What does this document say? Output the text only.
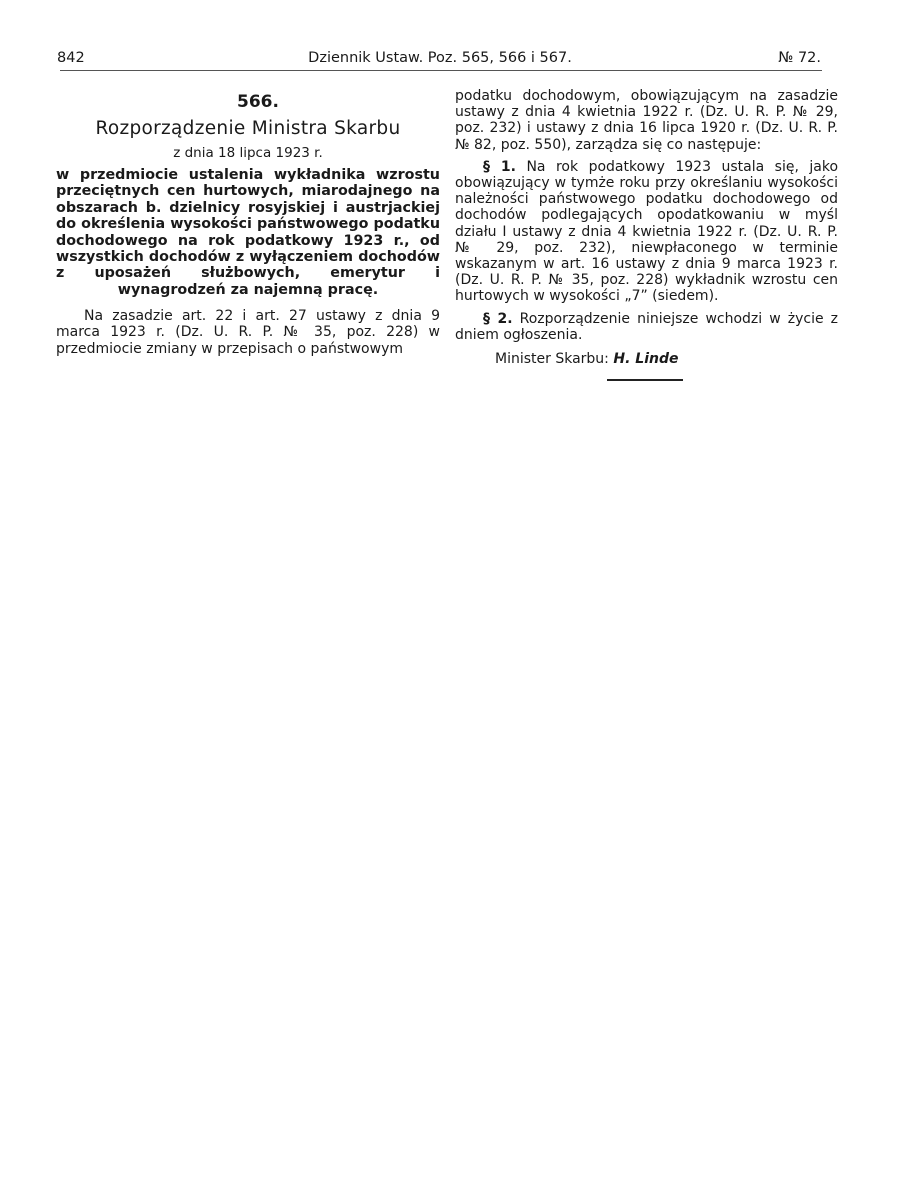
842	Dziennik Ustaw. Poz. 565, 566 i 567.	№ 72.
566.
Rozporządzenie Ministra Skarbu
z dnia 18 lipca 1923 r.
w przedmiocie ustalenia wykładnika wzrostu przeciętnych cen hurtowych, miarodajnego na obszarach b. dzielnicy rosyjskiej i austrjackiej do określenia wysokości państwowego podatku dochodowego na rok podatkowy 1923 r., od wszystkich dochodów z wyłączeniem dochodów z uposażeń służbowych, emerytur i wynagrodzeń za najemną pracę.

Na zasadzie art. 22 i art. 27 ustawy z dnia 9 marca 1923 r. (Dz. U. R. P. № 35, poz. 228) w przedmiocie zmiany w przepisach o państwowym

podatku dochodowym, obowiązującym na zasadzie ustawy z dnia 4 kwietnia 1922 r. (Dz. U. R. P. № 29, poz. 232) i ustawy z dnia 16 lipca 1920 r. (Dz. U. R. P. № 82, poz. 550), zarządza się co następuje:

§ 1. Na rok podatkowy 1923 ustala się, jako obowiązujący w tymże roku przy określaniu wysokości należności państwowego podatku dochodowego od dochodów podlegających opodatkowaniu w myśl działu I ustawy z dnia 4 kwietnia 1922 r. (Dz. U. R. P. № 29, poz. 232), niewpłaconego w terminie wskazanym w art. 16 ustawy z dnia 9 marca 1923 r. (Dz. U. R. P. № 35, poz. 228) wykładnik wzrostu cen hurtowych w wysokości „7” (siedem).

§ 2. Rozporządzenie niniejsze wchodzi w życie z dniem ogłoszenia.

Minister Skarbu: H. Linde
